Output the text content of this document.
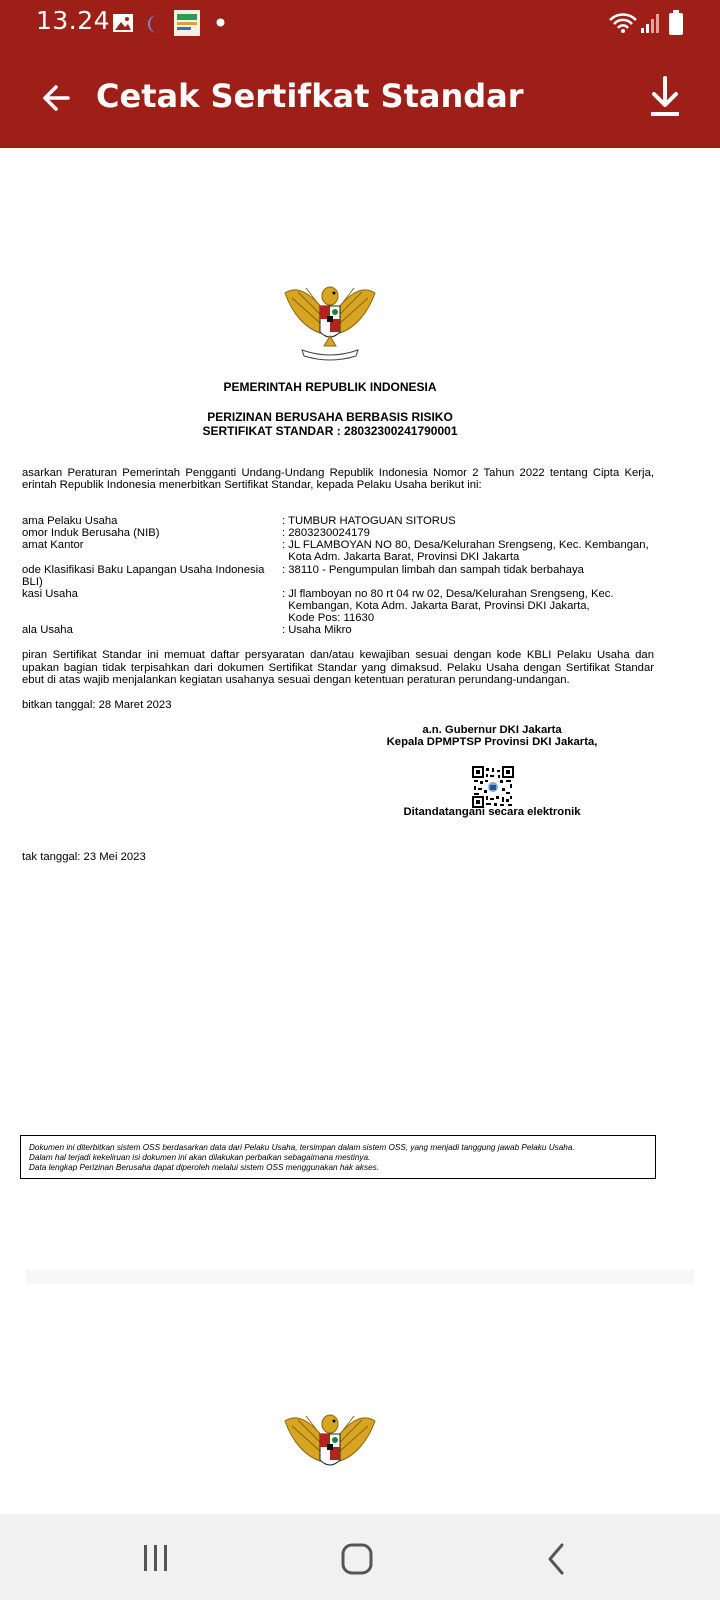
13.24
Cetak Sertifkat Standar
PEMERINTAH REPUBLIK INDONESIA
PERIZINAN BERUSAHA BERBASIS RISIKO
SERTIFIKAT STANDAR : 28032300241790001
asarkan Peraturan Pemerintah Pengganti Undang-Undang Republik Indonesia Nomor 2 Tahun 2022 tentang Cipta Kerja,
erintah Republik Indonesia menerbitkan Sertifikat Standar, kepada Pelaku Usaha berikut ini:
ama Pelaku Usaha	: TUMBUR HATOGUAN SITORUS
omor Induk Berusaha (NIB)	: 2803230024179
amat Kantor	: JL FLAMBOYAN NO 80, Desa/Kelurahan Srengseng, Kec. Kembangan,
Kota Adm. Jakarta Barat, Provinsi DKI Jakarta
ode Klasifikasi Baku Lapangan Usaha Indonesia
BLI)
: 38110 - Pengumpulan limbah dan sampah tidak berbahaya
kasi Usaha	: Jl flamboyan no 80 rt 04 rw 02, Desa/Kelurahan Srengseng, Kec.
Kembangan, Kota Adm. Jakarta Barat, Provinsi DKI Jakarta,
Kode Pos: 11630
ala Usaha	: Usaha Mikro
piran Sertifikat Standar ini memuat daftar persyaratan dan/atau kewajiban sesuai dengan kode KBLI Pelaku Usaha dan
upakan bagian tidak terpisahkan dari dokumen Sertifikat Standar yang dimaksud. Pelaku Usaha dengan Sertifikat Standar
ebut di atas wajib menjalankan kegiatan usahanya sesuai dengan ketentuan peraturan perundang-undangan.
bitkan tanggal: 28 Maret 2023
a.n. Gubernur DKI Jakarta
Kepala DPMPTSP Provinsi DKI Jakarta,
Ditandatangani secara elektronik
tak tanggal: 23 Mei 2023
Dokumen ini diterbitkan sistem OSS berdasarkan data dari Pelaku Usaha, tersimpan dalam sistem OSS, yang menjadi tanggung jawab Pelaku Usaha.
Dalam hal terjadi kekeliruan isi dokumen ini akan dilakukan perbaikan sebagaimana mestinya.
Data lengkap Perizinan Berusaha dapat diperoleh melalui sistem OSS menggunakan hak akses.
